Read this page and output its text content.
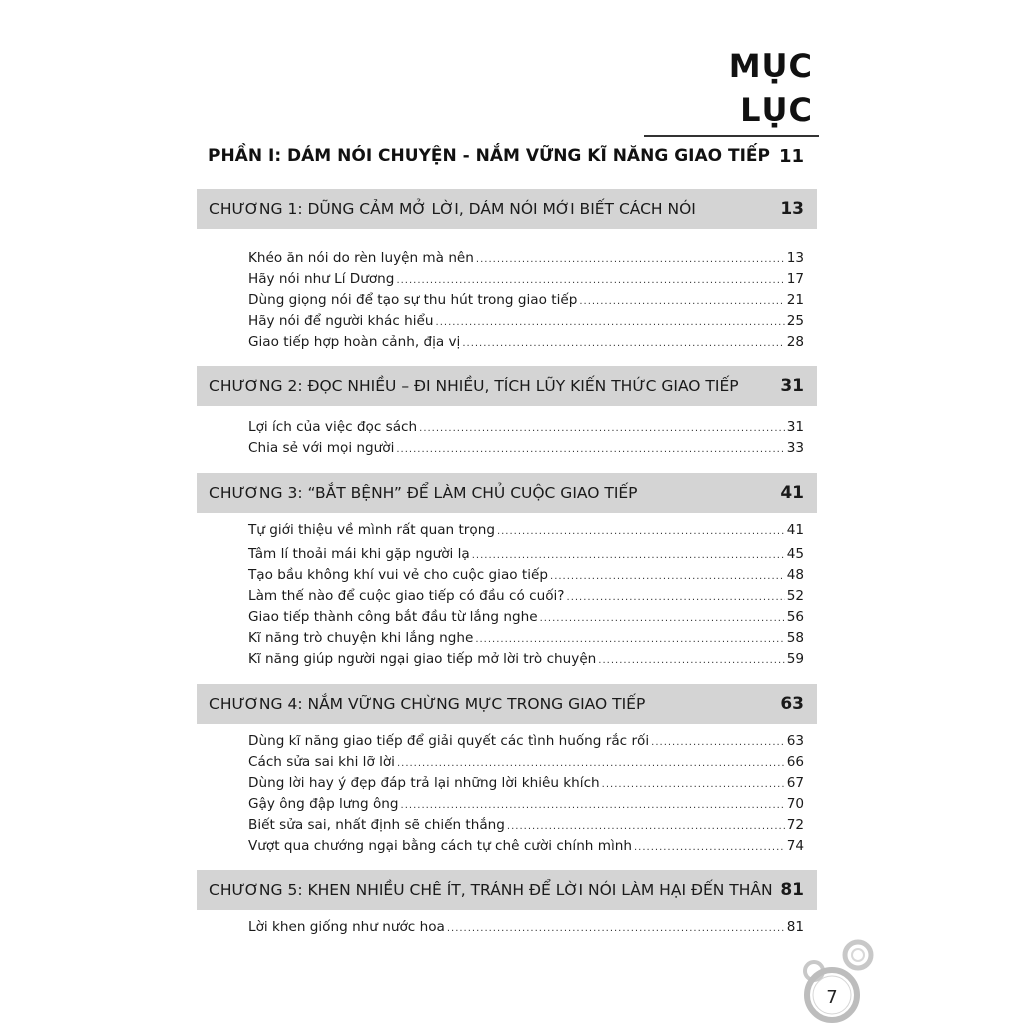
MỤC LỤC
PHẦN I: DÁM NÓI CHUYỆN - NẮM VỮNG KĨ NĂNG GIAO TIẾP 11
CHƯƠNG 1: DŨNG CẢM MỞ LỜI, DÁM NÓI MỚI BIẾT CÁCH NÓI	13
Khéo ăn nói do rèn luyện mà nên .....	13
Hãy nói như Lí Dương .....	17
Dùng giọng nói để tạo sự thu hút trong giao tiếp .....	21
Hãy nói để người khác hiểu .....	25
Giao tiếp hợp hoàn cảnh, địa vị .....	28
CHƯƠNG 2: ĐỌC NHIỀU – ĐI NHIỀU, TÍCH LŨY KIẾN THỨC GIAO TIẾP 31
Lợi ích của việc đọc sách .....	31
Chia sẻ với mọi người .....	33
CHƯƠNG 3: “BẮT BỆNH” ĐỂ LÀM CHỦ CUỘC GIAO TIẾP	41
Tự giới thiệu về mình rất quan trọng .....	41
Tâm lí thoải mái khi gặp người lạ .....	45
Tạo bầu không khí vui vẻ cho cuộc giao tiếp .....	48
Làm thế nào để cuộc giao tiếp có đầu có cuối? .....	52
Giao tiếp thành công bắt đầu từ lắng nghe .....	56
Kĩ năng trò chuyện khi lắng nghe .....	58
Kĩ năng giúp người ngại giao tiếp mở lời trò chuyện .....	59
CHƯƠNG 4: NẮM VỮNG CHỪNG MỰC TRONG GIAO TIẾP	63
Dùng kĩ năng giao tiếp để giải quyết các tình huống rắc rối .....	63
Cách sửa sai khi lỡ lời .....	66
Dùng lời hay ý đẹp đáp trả lại những lời khiêu khích .....	67
Gậy ông đập lưng ông .....	70
Biết sửa sai, nhất định sẽ chiến thắng .....	72
Vượt qua chướng ngại bằng cách tự chê cười chính mình .....	74
CHƯƠNG 5: KHEN NHIỀU CHÊ ÍT, TRÁNH ĐỂ LỜI NÓI LÀM HẠI ĐẾN THÂN 81
Lời khen giống như nước hoa .....	81
7
